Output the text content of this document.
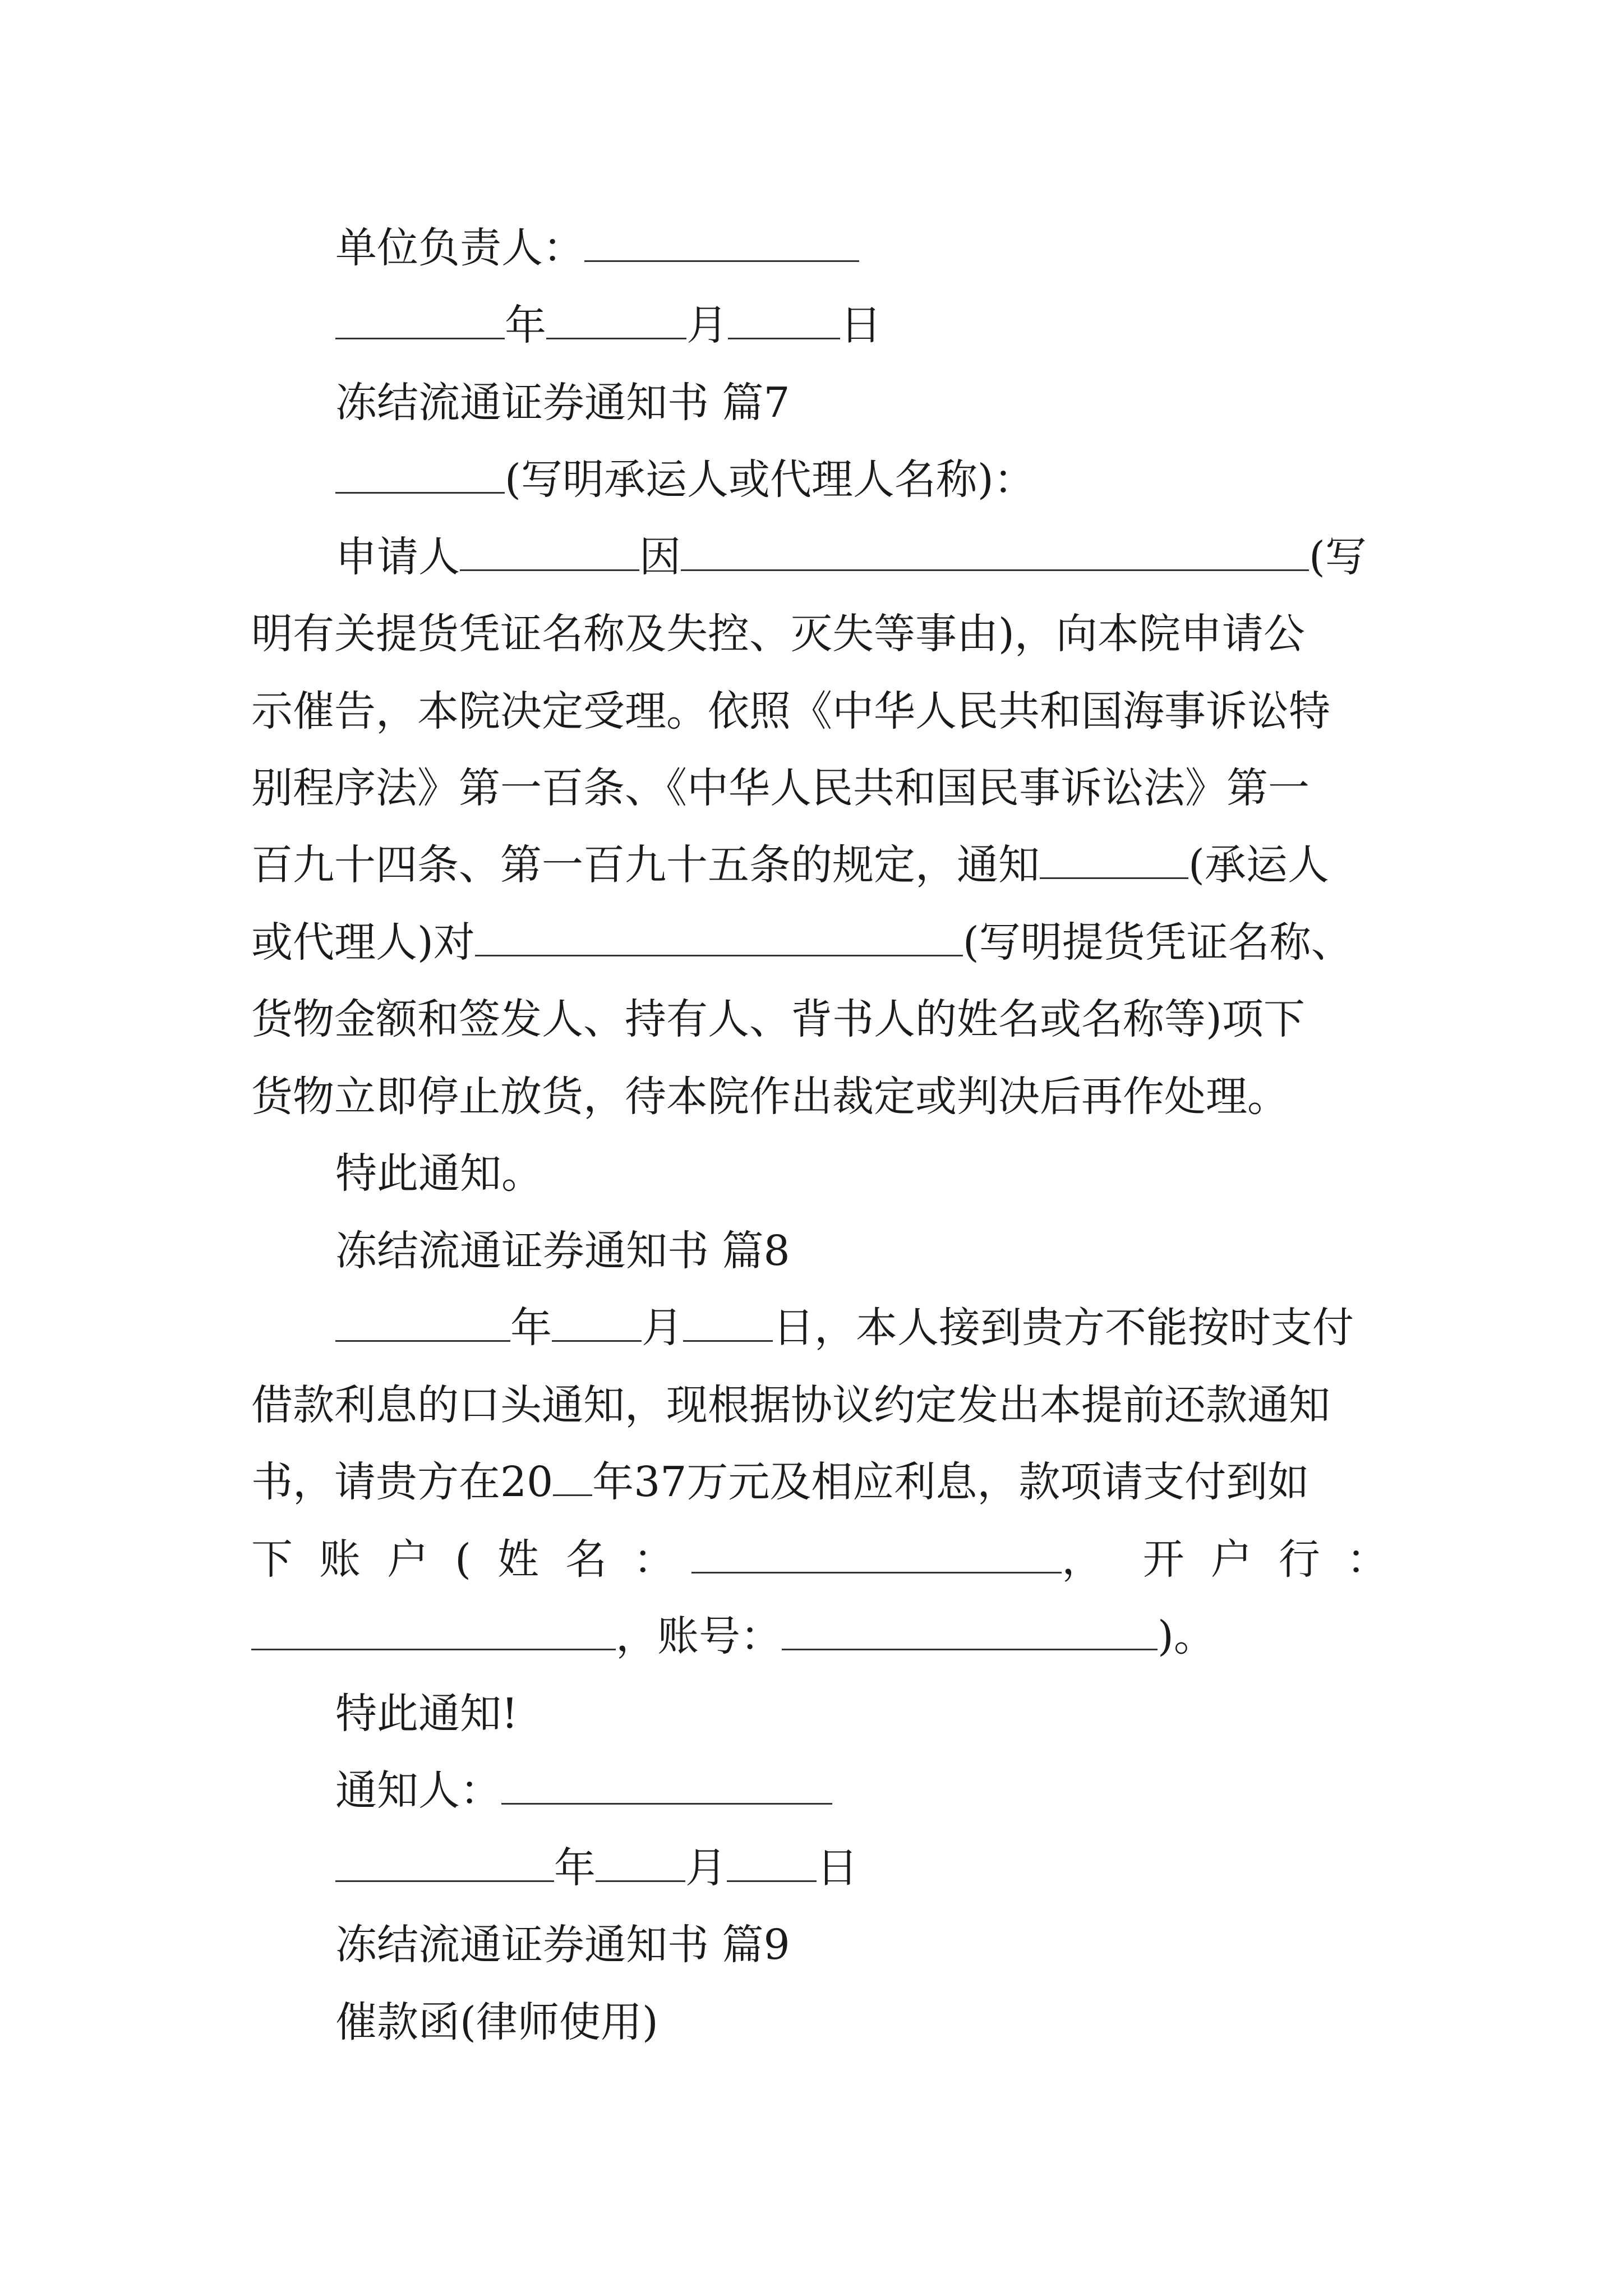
单位负责人：
年	月	日
冻结流通证券通知书 篇7
(写明承运人或代理人名称)：
申请人	因	(写
明有关提货凭证名称及失控、灭失等事由)，向本院申请公
示催告，本院决定受理。依照《中华人民共和国海事诉讼特
别程序法》第一百条、《中华人民共和国民事诉讼法》第一
百九十四条、第一百九十五条的规定，通知	(承运人
或代理人)对	(写明提货凭证名称、
货物金额和签发人、持有人、背书人的姓名或名称等)项下
货物立即停止放货，待本院作出裁定或判决后再作处理。
特此通知。
冻结流通证券通知书 篇8
年 月 日，本人接到贵方不能按时支付
借款利息的口头通知，现根据协议约定发出本提前还款通知
书，请贵方在20 年37万元及相应利息，款项请支付到如
下  账  户  (  姓  名  ：	，   开  户  行  ：
，账号：	)。
特此通知!
通知人：
年 月 日
冻结流通证券通知书 篇9
催款函(律师使用)
